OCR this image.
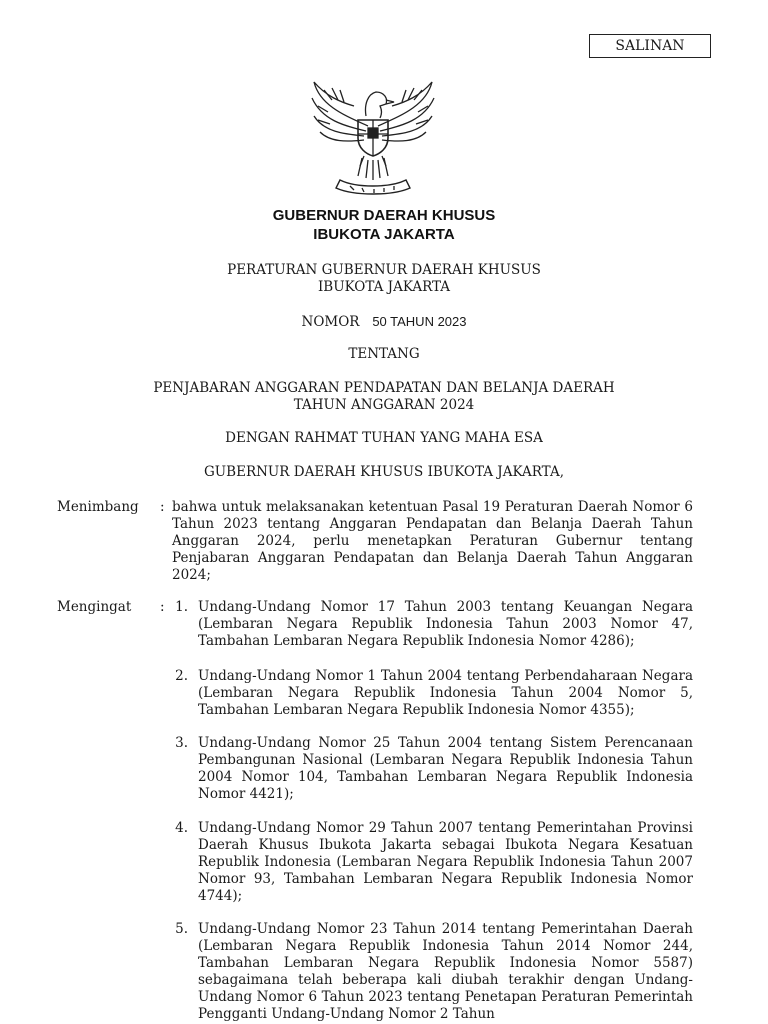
SALINAN
GUBERNUR DAERAH KHUSUS
IBUKOTA JAKARTA
PERATURAN GUBERNUR DAERAH KHUSUS
IBUKOTA JAKARTA
NOMOR 50 TAHUN 2023
TENTANG
PENJABARAN ANGGARAN PENDAPATAN DAN BELANJA DAERAH
TAHUN ANGGARAN 2024
DENGAN RAHMAT TUHAN YANG MAHA ESA
GUBERNUR DAERAH KHUSUS IBUKOTA JAKARTA,
Menimbang : bahwa untuk melaksanakan ketentuan Pasal 19 Peraturan Daerah Nomor 6 Tahun 2023 tentang Anggaran Pendapatan dan Belanja Daerah Tahun Anggaran 2024, perlu menetapkan Peraturan Gubernur tentang Penjabaran Anggaran Pendapatan dan Belanja Daerah Tahun Anggaran 2024;
Mengingat : 1. Undang-Undang Nomor 17 Tahun 2003 tentang Keuangan Negara (Lembaran Negara Republik Indonesia Tahun 2003 Nomor 47, Tambahan Lembaran Negara Republik Indonesia Nomor 4286);
2. Undang-Undang Nomor 1 Tahun 2004 tentang Perbendaharaan Negara (Lembaran Negara Republik Indonesia Tahun 2004 Nomor 5, Tambahan Lembaran Negara Republik Indonesia Nomor 4355);
3. Undang-Undang Nomor 25 Tahun 2004 tentang Sistem Perencanaan Pembangunan Nasional (Lembaran Negara Republik Indonesia Tahun 2004 Nomor 104, Tambahan Lembaran Negara Republik Indonesia Nomor 4421);
4. Undang-Undang Nomor 29 Tahun 2007 tentang Pemerintahan Provinsi Daerah Khusus Ibukota Jakarta sebagai Ibukota Negara Kesatuan Republik Indonesia (Lembaran Negara Republik Indonesia Tahun 2007 Nomor 93, Tambahan Lembaran Negara Republik Indonesia Nomor 4744);
5. Undang-Undang Nomor 23 Tahun 2014 tentang Pemerintahan Daerah (Lembaran Negara Republik Indonesia Tahun 2014 Nomor 244, Tambahan Lembaran Negara Republik Indonesia Nomor 5587) sebagaimana telah beberapa kali diubah terakhir dengan Undang-Undang Nomor 6 Tahun 2023 tentang Penetapan Peraturan Pemerintah Pengganti Undang-Undang Nomor 2 Tahun
